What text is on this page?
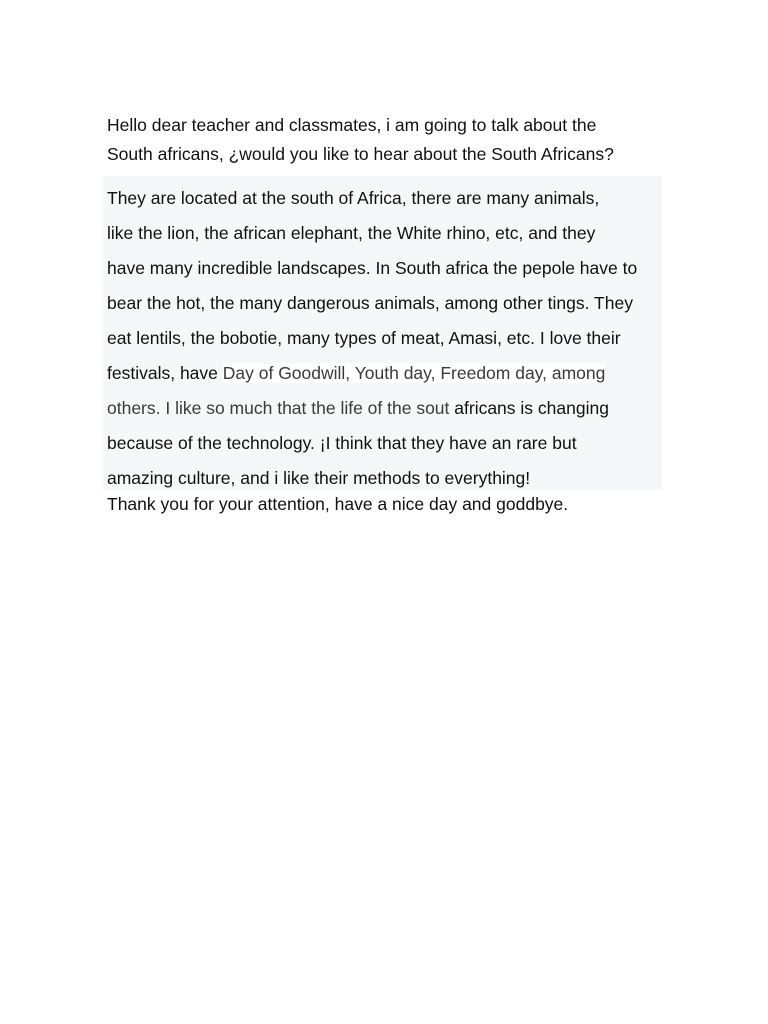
Hello dear teacher and classmates, i am going to talk about the
South africans, ¿would you like to hear about the South Africans?

They are located at the south of Africa, there are many animals,
like the lion, the african elephant, the White rhino, etc, and they
have many incredible landscapes. In South africa the pepole have to
bear the hot, the many dangerous animals, among other tings. They
eat lentils, the bobotie, many types of meat, Amasi, etc. I love their
festivals, have Day of Goodwill, Youth day, Freedom day, among
others. I like so much that the life of the sout africans is changing
because of the technology. ¡I think that they have an rare but
amazing culture, and i like their methods to everything!

Thank you for your attention, have a nice day and goddbye.
